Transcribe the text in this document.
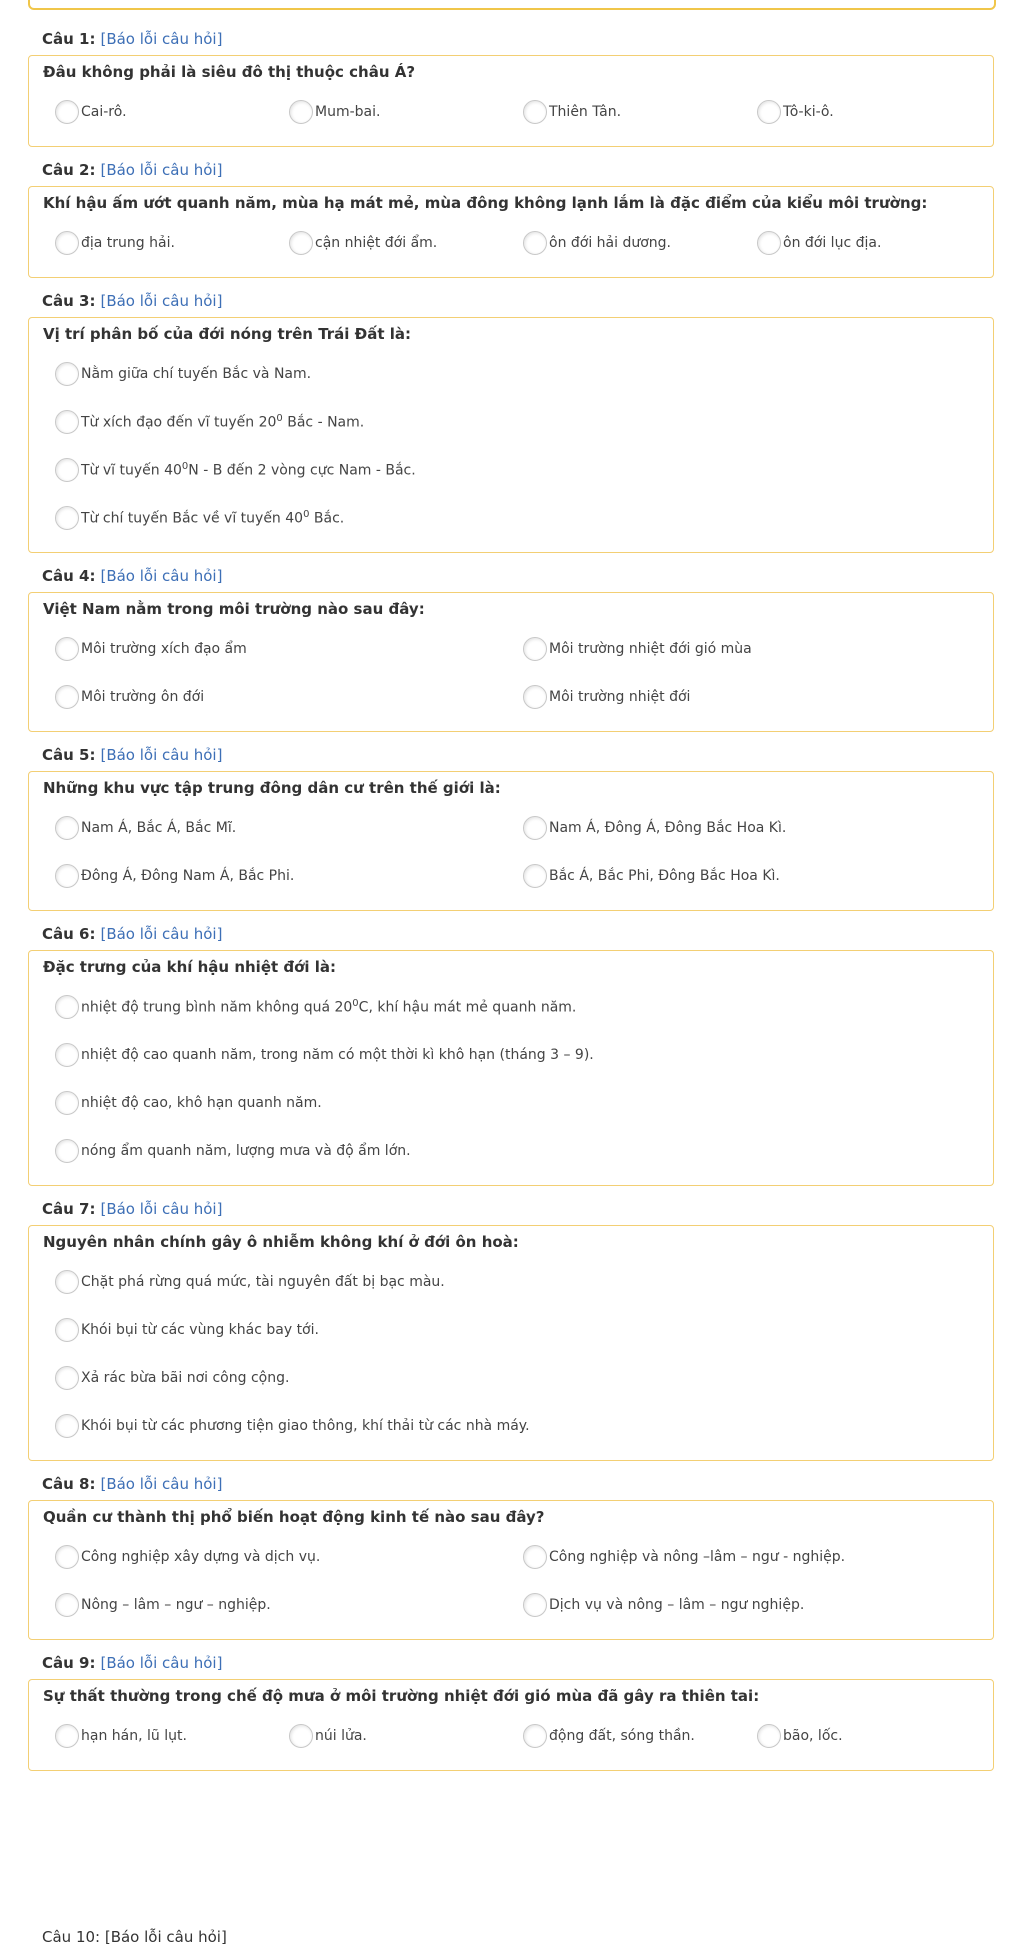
Câu 1: [Báo lỗi câu hỏi]
Đâu không phải là siêu đô thị thuộc châu Á?
Cai-rô.	Mum-bai.	Thiên Tân.	Tô-ki-ô.
Câu 2: [Báo lỗi câu hỏi]
Khí hậu ấm ướt quanh năm, mùa hạ mát mẻ, mùa đông không lạnh lắm là đặc điểm của kiểu môi trường:
địa trung hải.	cận nhiệt đới ẩm.	ôn đới hải dương.	ôn đới lục địa.
Câu 3: [Báo lỗi câu hỏi]
Vị trí phân bố của đới nóng trên Trái Đất là:
Nằm giữa chí tuyến Bắc và Nam.
Từ xích đạo đến vĩ tuyến $20^0$ Bắc - Nam.
Từ vĩ tuyến $40^0N$ - B đến 2 vòng cực Nam - Bắc.
Từ chí tuyến Bắc về vĩ tuyến $40^0$ Bắc.
Câu 4: [Báo lỗi câu hỏi]
Việt Nam nằm trong môi trường nào sau đây:
Môi trường xích đạo ẩm	Môi trường nhiệt đới gió mùa
Môi trường ôn đới	Môi trường nhiệt đới
Câu 5: [Báo lỗi câu hỏi]
Những khu vực tập trung đông dân cư trên thế giới là:
Nam Á, Bắc Á, Bắc Mĩ.	Nam Á, Đông Á, Đông Bắc Hoa Kì.
Đông Á, Đông Nam Á, Bắc Phi.	Bắc Á, Bắc Phi, Đông Bắc Hoa Kì.
Câu 6: [Báo lỗi câu hỏi]
Đặc trưng của khí hậu nhiệt đới là:
nhiệt độ trung bình năm không quá $20^0C$, khí hậu mát mẻ quanh năm.
nhiệt độ cao quanh năm, trong năm có một thời kì khô hạn (tháng 3 – 9).
nhiệt độ cao, khô hạn quanh năm.
nóng ẩm quanh năm, lượng mưa và độ ẩm lớn.
Câu 7: [Báo lỗi câu hỏi]
Nguyên nhân chính gây ô nhiễm không khí ở đới ôn hoà:
Chặt phá rừng quá mức, tài nguyên đất bị bạc màu.
Khói bụi từ các vùng khác bay tới.
Xả rác bừa bãi nơi công cộng.
Khói bụi từ các phương tiện giao thông, khí thải từ các nhà máy.
Câu 8: [Báo lỗi câu hỏi]
Quần cư thành thị phổ biến hoạt động kinh tế nào sau đây?
Công nghiệp xây dựng và dịch vụ.	Công nghiệp và nông –lâm – ngư - nghiệp.
Nông – lâm – ngư – nghiệp.	Dịch vụ và nông – lâm – ngư nghiệp.
Câu 9: [Báo lỗi câu hỏi]
Sự thất thường trong chế độ mưa ở môi trường nhiệt đới gió mùa đã gây ra thiên tai:
hạn hán, lũ lụt.	núi lửa.	động đất, sóng thần.	bão, lốc.
Câu 10: [Báo lỗi câu hỏi]
